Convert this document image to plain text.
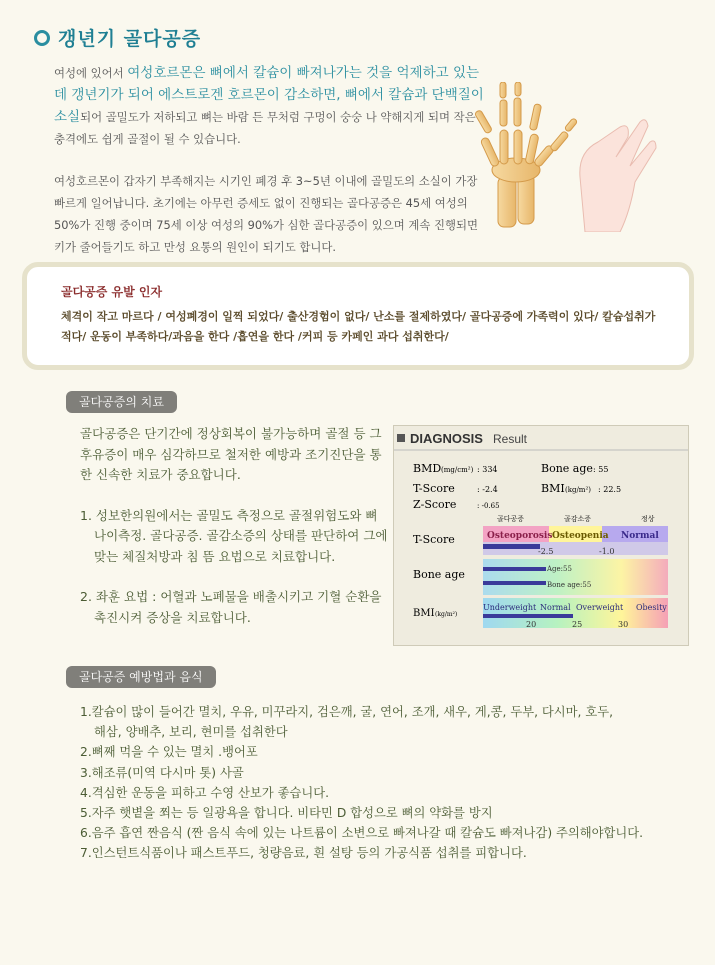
갱년기 골다공증

여성에 있어서 여성호르몬은 뼈에서 칼슘이 빠져나가는 것을 억제하고 있는데 갱년기가 되어 에스트로겐 호르몬이 감소하면, 뼈에서 칼슘과 단백질이 소실되어 골밀도가 저하되고 뼈는 바람 든 무처럼 구멍이 숭숭 나 약해지게 되며 작은 충격에도 쉽게 골절이 될 수 있습니다.

여성호르몬이 갑자기 부족해지는 시기인 폐경 후 3~5년 이내에 골밀도의 소실이 가장 빠르게 일어납니다. 초기에는 아무런 증세도 없이 진행되는 골다공증은 45세 여성의 50%가 진행 중이며 75세 이상 여성의 90%가 심한 골다공증이 있으며 계속 진행되면 키가 줄어들기도 하고 만성 요통의 원인이 되기도 합니다.

골다공증 유발 인자
체격이 작고 마르다 / 여성폐경이 일찍 되었다/ 출산경험이 없다/ 난소를 절제하였다/ 골다공증에 가족력이 있다/ 칼슘섭취가 적다/ 운동이 부족하다/과음을 한다 /흡연을 한다 /커피 등 카페인 과다 섭취한다/
골다공증의 치료

골다공증은 단기간에 정상회복이 불가능하며 골절 등 그 후유증이 매우 심각하므로 철저한 예방과 조기진단을 통한 신속한 치료가 중요합니다.

1. 성보한의원에서는 골밀도 측정으로 골절위험도와 뼈 나이측정. 골다공증. 골감소증의 상태를 판단하여 그에 맞는 체질처방과 침 뜸 요법으로 치료합니다.

2. 좌훈 요법 : 어혈과 노폐물을 배출시키고 기혈 순환을 촉진시켜 증상을 치료합니다.

DIAGNOSIS Result
BMD (mg/cm²) : 334	Bone age : 55
T-Score	: -2.4	BMI (kg/m²) : 22.5
Z-Score	: -0.65
골다공증	골감소증	정상
T-Score	Osteoporosis Osteopenia Normal
-2.5	-1.0
Bone age	Age:55
Bone age:55
BMI (kg/m²)
Underweight Normal Overweight Obesity
20	25	30
골다공증 예방법과 음식

1.칼슘이 많이 들어간 멸치, 우유, 미꾸라지, 검은깨, 굴, 연어, 조개, 새우, 게,콩, 두부, 다시마, 호두,

해삼, 양배추, 보리, 현미를 섭취한다

2.뼈째 먹을 수 있는 멸치 .뱅어포

3.해조류(미역 다시마 톳) 사골

4.격심한 운동을 피하고 수영 산보가 좋습니다.

5.자주 햇볕을 쬐는 등 일광욕을 합니다. 비타민 D 합성으로 뼈의 약화를 방지

6.음주 흡연 짠음식 (짠 음식 속에 있는 나트륨이 소변으로 빠져나갈 때 칼슘도 빠져나감) 주의해야합니다.

7.인스턴트식품이나 패스트푸드, 청량음료, 흰 설탕 등의 가공식품 섭취를 피합니다.
